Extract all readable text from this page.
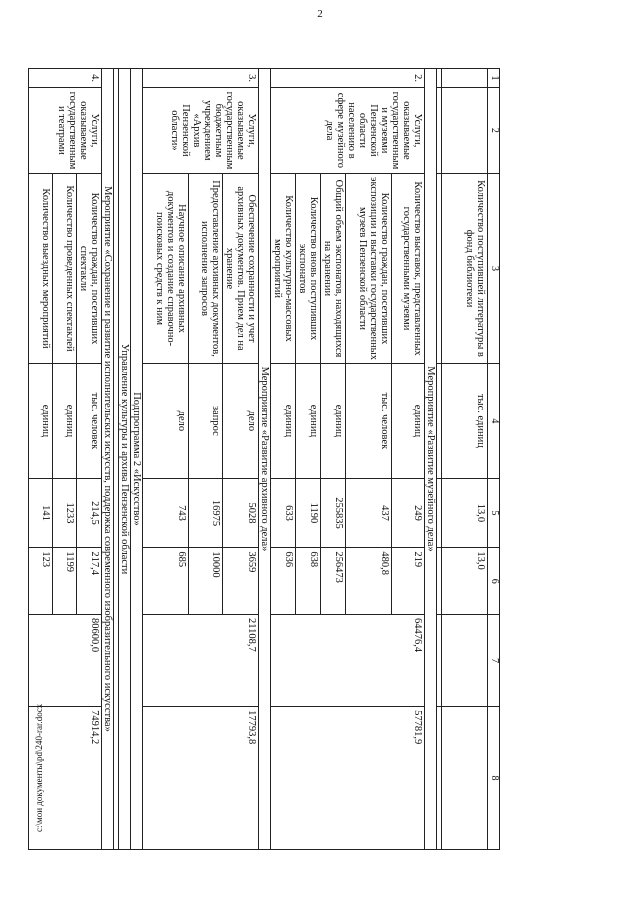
2
1	2	3	4	5	6	7	8
		Количество поступившей литературы в фонд библиотеки	тыс. единиц	13,0	13,0		

Мероприятие «Развитие музейного дела»							
2.	Услуги, оказываемые государственными музеями Пензенской области населению в сфере музейного дела	Количество выставок, представленных государственными музеями	единиц	249	219	64476,4	57781,9
		Количество граждан, посетивших экспозиции и выставки государственных музеев Пензенской области	тыс. человек	437	480,8		
		Общий объем экспонатов, находящихся на хранении	единиц	255835	256473		
		Количество вновь поступивших экспонатов	единиц	1190	638		
		Количество культурно-массовых мероприятий	единиц	633	636		
Мероприятие «Развитие архивного дела»							
3.	Услуги, оказываемые государственным бюджетным учреждением «Архив Пензенской области»	Обеспечение сохранности и учет архивных документов. Прием дел на хранение	дело	5028	3659	21108,7	17793,8
		Предоставление архивных документов, исполнение запросов	запрос	16975	10000		
		Научное описание архивных документов и создание справочно-поисковых средств к ним	дело	743	685		
Подпрограмма 2 «Искусство»							
Управление культуры и архива Пензенской области							

Мероприятие «Сохранение и развитие исполнительских искусств, поддержка современного изобразительного искусства»							
4.	Услуги, оказываемые государственными театрами	Количество граждан, посетивших спектакли	тыс. человек	214,5	217,4	80600,0	74914,2
		Количество проведенных спектаклей	единиц	1233	1199		
		Количество выездных мероприятий	единиц	141	123		
c:\мои документы\pd\240-rar.docx
